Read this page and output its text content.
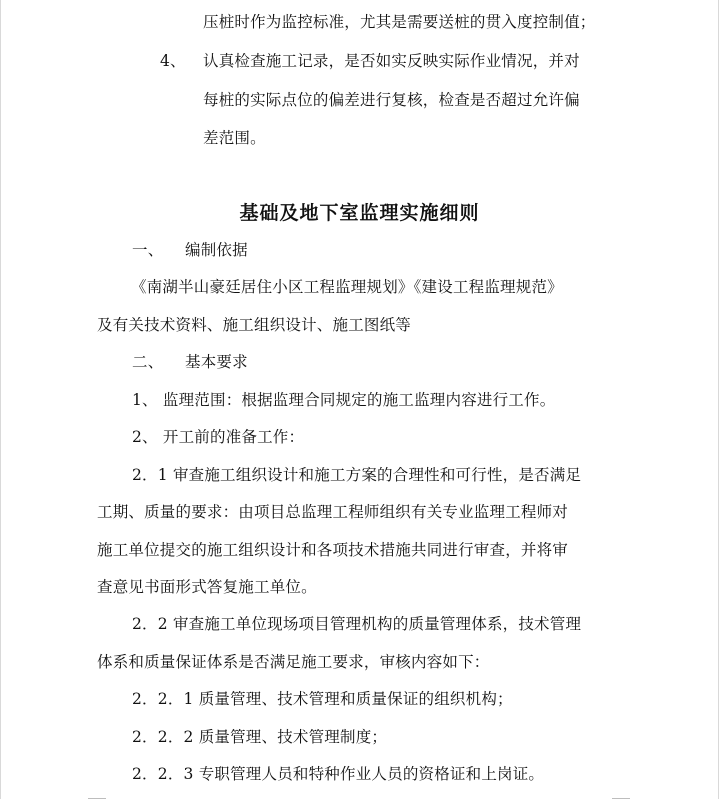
压桩时作为监控标准，尤其是需要送桩的贯入度控制值；
4、 认真检查施工记录，是否如实反映实际作业情况，并对
每桩的实际点位的偏差进行复核，检查是否超过允许偏
差范围。
基础及地下室监理实施细则
一、 编制依据
《南湖半山豪廷居住小区工程监理规划》《建设工程监理规范》
及有关技术资料、施工组织设计、施工图纸等
二、 基本要求
1、 监理范围：根据监理合同规定的施工监理内容进行工作。
2、 开工前的准备工作：
2．1 审查施工组织设计和施工方案的合理性和可行性，是否满足
工期、质量的要求：由项目总监理工程师组织有关专业监理工程师对
施工单位提交的施工组织设计和各项技术措施共同进行审查，并将审
查意见书面形式答复施工单位。
2．2 审查施工单位现场项目管理机构的质量管理体系，技术管理
体系和质量保证体系是否满足施工要求，审核内容如下：
2．2．1 质量管理、技术管理和质量保证的组织机构；
2．2．2 质量管理、技术管理制度；
2．2．3 专职管理人员和特种作业人员的资格证和上岗证。
